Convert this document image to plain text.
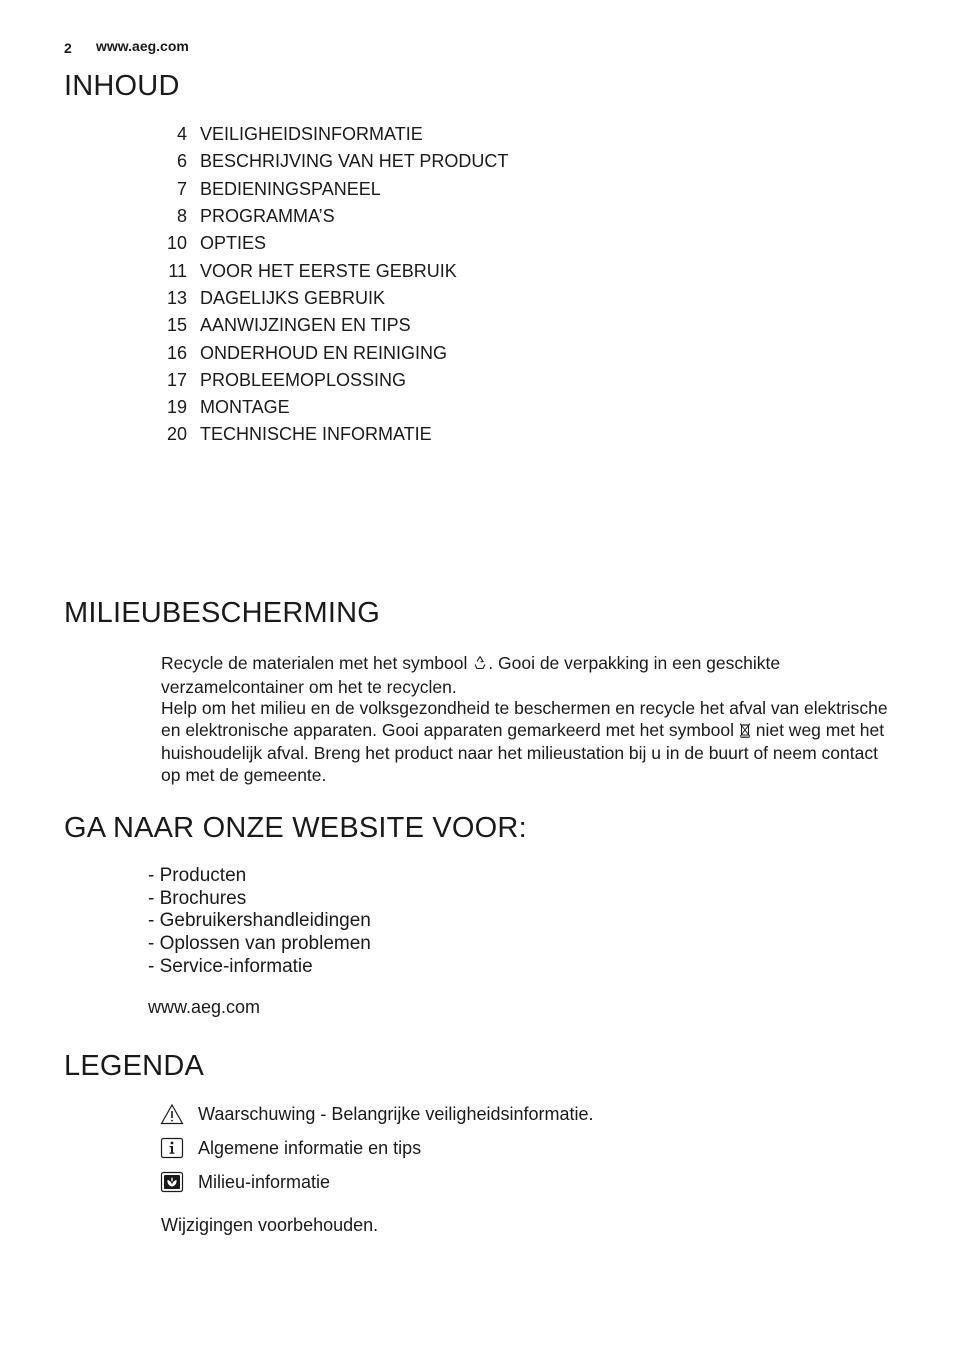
2 www.aeg.com
INHOUD
4 VEILIGHEIDSINFORMATIE
6 BESCHRIJVING VAN HET PRODUCT
7 BEDIENINGSPANEEL
8 PROGRAMMA’S
10 OPTIES
11 VOOR HET EERSTE GEBRUIK
13 DAGELIJKS GEBRUIK
15 AANWIJZINGEN EN TIPS
16 ONDERHOUD EN REINIGING
17 PROBLEEMOPLOSSING
19 MONTAGE
20 TECHNISCHE INFORMATIE
MILIEUBESCHERMING
Recycle de materialen met het symbool . Gooi de verpakking in een geschikte verzamelcontainer om het te recyclen.
Help om het milieu en de volksgezondheid te beschermen en recycle het afval van elektrische en elektronische apparaten. Gooi apparaten gemarkeerd met het symbool niet weg met het huishoudelijk afval. Breng het product naar het milieustation bij u in de buurt of neem contact op met de gemeente.
GA NAAR ONZE WEBSITE VOOR:
- Producten
- Brochures
- Gebruikershandleidingen
- Oplossen van problemen
- Service-informatie
www.aeg.com
LEGENDA
Waarschuwing - Belangrijke veiligheidsinformatie.
Algemene informatie en tips
Milieu-informatie
Wijzigingen voorbehouden.
